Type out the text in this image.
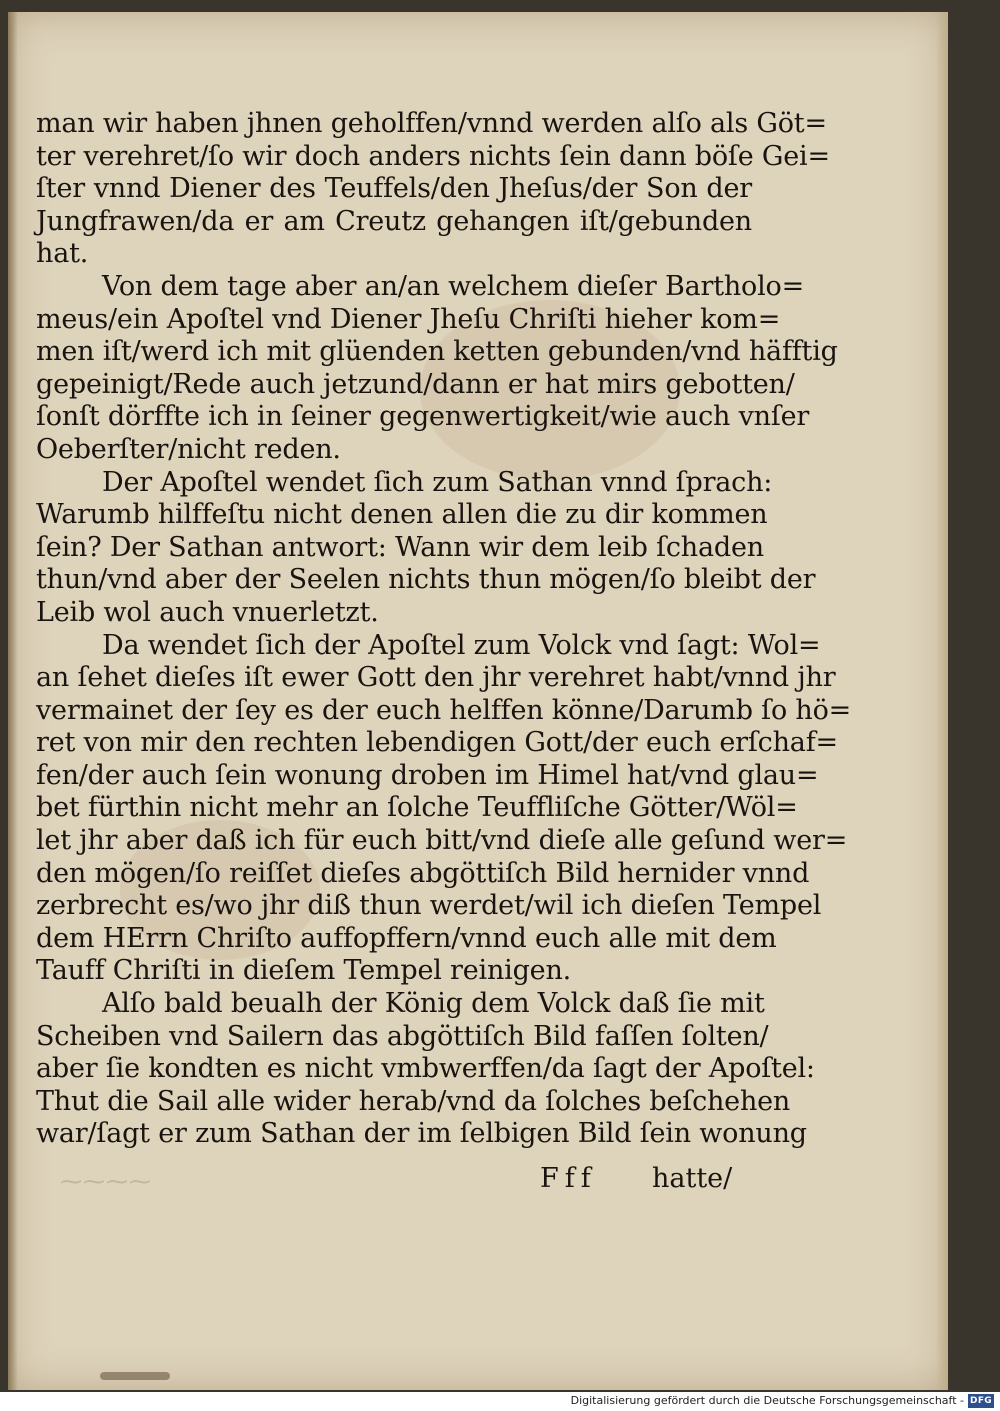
man wir haben jhnen geholffen/vnnd werden alſo als Göt=
ter verehret/ſo wir doch anders nichts ſein dann böſe Gei=
ſter vnnd Diener des Teuffels/den Jheſus/der Son der
Jungfrawen/da er am Creutz gehangen iſt/gebunden
hat.
Von dem tage aber an/an welchem dieſer Bartholo=
meus/ein Apoſtel vnd Diener Jheſu Chriſti hieher kom=
men iſt/werd ich mit glüenden ketten gebunden/vnd häfftig
gepeinigt/Rede auch jetzund/dann er hat mirs gebotten/
ſonſt dörffte ich in ſeiner gegenwertigkeit/wie auch vnſer
Oeberſter/nicht reden.
Der Apoſtel wendet ſich zum Sathan vnnd ſprach:
Warumb hilffeſtu nicht denen allen die zu dir kommen
ſein? Der Sathan antwort: Wann wir dem leib ſchaden
thun/vnd aber der Seelen nichts thun mögen/ſo bleibt der
Leib wol auch vnuerletzt.
Da wendet ſich der Apoſtel zum Volck vnd ſagt: Wol=
an ſehet dieſes iſt ewer Gott den jhr verehret habt/vnnd jhr
vermainet der ſey es der euch helffen könne/Darumb ſo hö=
ret von mir den rechten lebendigen Gott/der euch erſchaf=
fen/der auch ſein wonung droben im Himel hat/vnd glau=
bet fürthin nicht mehr an ſolche Teuffliſche Götter/Wöl=
let jhr aber daß ich für euch bitt/vnd dieſe alle geſund wer=
den mögen/ſo reiſſet dieſes abgöttiſch Bild hernider vnnd
zerbrecht es/wo jhr diß thun werdet/wil ich dieſen Tempel
dem HErrn Chriſto auffopffern/vnnd euch alle mit dem
Tauff Chriſti in dieſem Tempel reinigen.
Alſo bald beualh der König dem Volck daß ſie mit
Scheiben vnd Sailern das abgöttiſch Bild faſſen ſolten/
aber ſie kondten es nicht vmbwerffen/da ſagt der Apoſtel:
Thut die Sail alle wider herab/vnd da ſolches beſchehen
war/ſagt er zum Sathan der im ſelbigen Bild ſein wonung
⁓⁓⁓⁓	Fff hatte/
Digitalisierung gefördert durch die Deutsche Forschungsgemeinschaft - DFG
